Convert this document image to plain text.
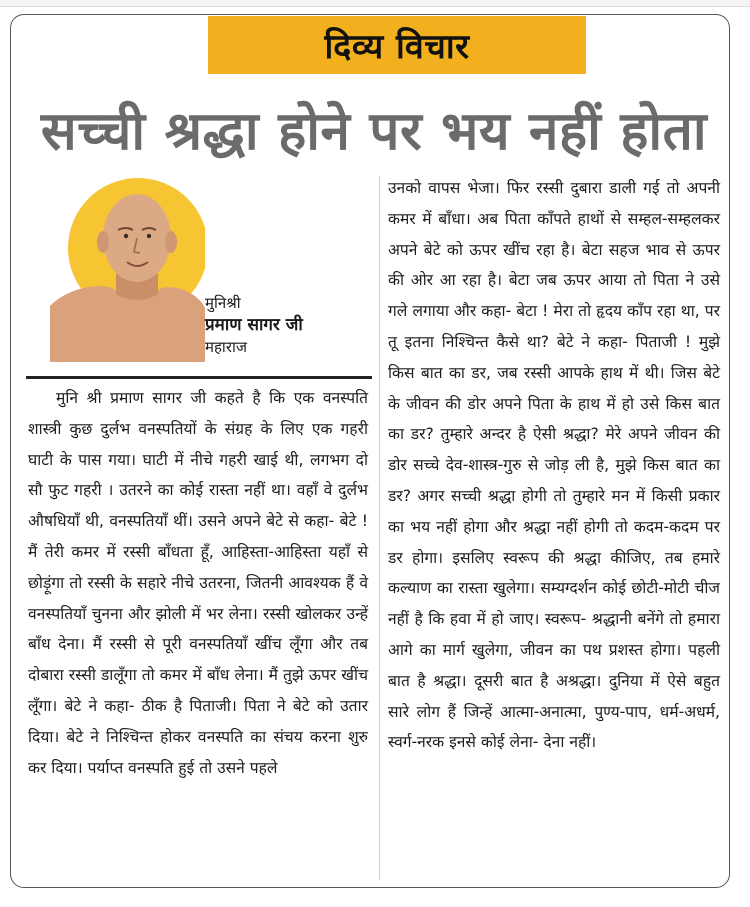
दिव्य विचार
सच्ची श्रद्धा होने पर भय नहीं होता
मुनिश्री
प्रमाण सागर जी
महाराज
मुनि श्री प्रमाण सागर जी कहते है कि एक वनस्पति शास्त्री कुछ दुर्लभ वनस्पतियों के संग्रह के लिए एक गहरी घाटी के पास गया। घाटी में नीचे गहरी खाई थी, लगभग दो सौ फुट गहरी । उतरने का कोई रास्ता नहीं था। वहाँ वे दुर्लभ औषधियाँ थी, वनस्पतियाँ थीं। उसने अपने बेटे से कहा- बेटे ! मैं तेरी कमर में रस्सी बाँधता हूँ, आहिस्ता-आहिस्ता यहाँ से छोड़ूंगा तो रस्सी के सहारे नीचे उतरना, जितनी आवश्यक हैं वे वनस्पतियाँ चुनना और झोली में भर लेना। रस्सी खोलकर उन्हें बाँध देना। मैं रस्सी से पूरी वनस्पतियाँ खींच लूँगा और तब दोबारा रस्सी डालूँगा तो कमर में बाँध लेना। मैं तुझे ऊपर खींच लूँगा। बेटे ने कहा- ठीक है पिताजी। पिता ने बेटे को उतार दिया। बेटे ने निश्चिन्त होकर वनस्पति का संचय करना शुरु कर दिया। पर्याप्त वनस्पति हुई तो उसने पहले
उनको वापस भेजा। फिर रस्सी दुबारा डाली गई तो अपनी कमर में बाँधा। अब पिता काँपते हाथों से सम्हल-सम्हलकर अपने बेटे को ऊपर खींच रहा है। बेटा सहज भाव से ऊपर की ओर आ रहा है। बेटा जब ऊपर आया तो पिता ने उसे गले लगाया और कहा- बेटा ! मेरा तो हृदय काँप रहा था, पर तू इतना निश्चिन्त कैसे था? बेटे ने कहा- पिताजी ! मुझे किस बात का डर, जब रस्सी आपके हाथ में थी। जिस बेटे के जीवन की डोर अपने पिता के हाथ में हो उसे किस बात का डर? तुम्हारे अन्दर है ऐसी श्रद्धा? मेरे अपने जीवन की डोर सच्चे देव-शास्त्र-गुरु से जोड़ ली है, मुझे किस बात का डर? अगर सच्ची श्रद्धा होगी तो तुम्हारे मन में किसी प्रकार का भय नहीं होगा और श्रद्धा नहीं होगी तो कदम-कदम पर डर होगा। इसलिए स्वरूप की श्रद्धा कीजिए, तब हमारे कल्याण का रास्ता खुलेगा। सम्यग्दर्शन कोई छोटी-मोटी चीज नहीं है कि हवा में हो जाए। स्वरूप- श्रद्धानी बनेंगे तो हमारा आगे का मार्ग खुलेगा, जीवन का पथ प्रशस्त होगा। पहली बात है श्रद्धा। दूसरी बात है अश्रद्धा। दुनिया में ऐसे बहुत सारे लोग हैं जिन्हें आत्मा-अनात्मा, पुण्य-पाप, धर्म-अधर्म, स्वर्ग-नरक इनसे कोई लेना- देना नहीं।
